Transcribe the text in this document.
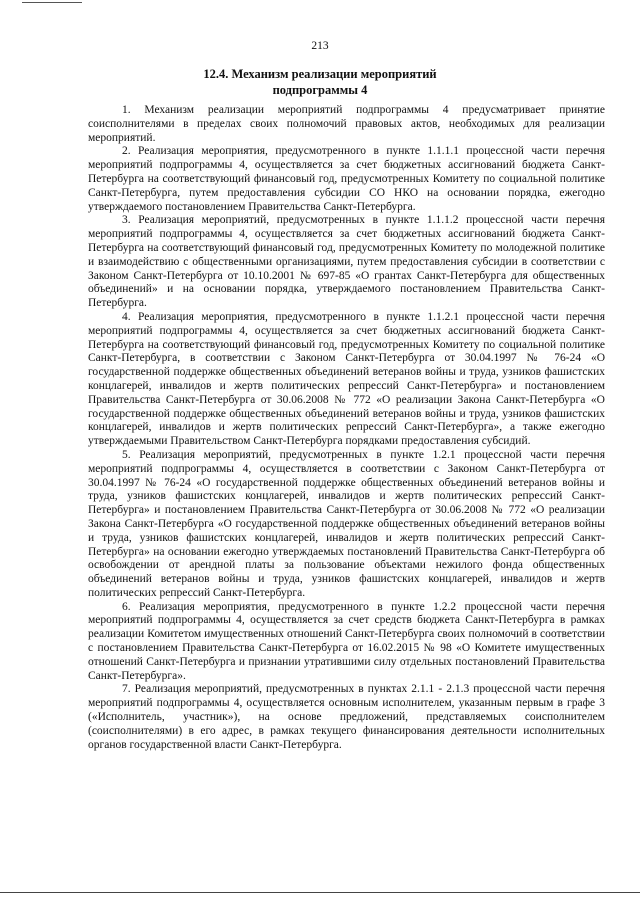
213
12.4. Механизм реализации мероприятий
подпрограммы 4

1. Механизм реализации мероприятий подпрограммы 4 предусматривает принятие соисполнителями в пределах своих полномочий правовых актов, необходимых для реализации мероприятий.

2. Реализация мероприятия, предусмотренного в пункте 1.1.1.1 процессной части перечня мероприятий подпрограммы 4, осуществляется за счет бюджетных ассигнований бюджета Санкт-Петербурга на соответствующий финансовый год, предусмотренных Комитету по социальной политике Санкт-Петербурга, путем предоставления субсидии СО НКО на основании порядка, ежегодно утверждаемого постановлением Правительства Санкт-Петербурга.

3. Реализация мероприятий, предусмотренных в пункте 1.1.1.2 процессной части перечня мероприятий подпрограммы 4, осуществляется за счет бюджетных ассигнований бюджета Санкт-Петербурга на соответствующий финансовый год, предусмотренных Комитету по молодежной политике и взаимодействию с общественными организациями, путем предоставления субсидии в соответствии с Законом Санкт-Петербурга от 10.10.2001 № 697-85 «О грантах Санкт-Петербурга для общественных объединений» и на основании порядка, утверждаемого постановлением Правительства Санкт-Петербурга.

4. Реализация мероприятия, предусмотренного в пункте 1.1.2.1 процессной части перечня мероприятий подпрограммы 4, осуществляется за счет бюджетных ассигнований бюджета Санкт-Петербурга на соответствующий финансовый год, предусмотренных Комитету по социальной политике Санкт-Петербурга, в соответствии с Законом Санкт-Петербурга от 30.04.1997 № 76-24 «О государственной поддержке общественных объединений ветеранов войны и труда, узников фашистских концлагерей, инвалидов и жертв политических репрессий Санкт-Петербурга» и постановлением Правительства Санкт-Петербурга от 30.06.2008 № 772 «О реализации Закона Санкт-Петербурга «О государственной поддержке общественных объединений ветеранов войны и труда, узников фашистских концлагерей, инвалидов и жертв политических репрессий Санкт-Петербурга», а также ежегодно утверждаемыми Правительством Санкт-Петербурга порядками предоставления субсидий.

5. Реализация мероприятий, предусмотренных в пункте 1.2.1 процессной части перечня мероприятий подпрограммы 4, осуществляется в соответствии с Законом Санкт-Петербурга от 30.04.1997 № 76-24 «О государственной поддержке общественных объединений ветеранов войны и труда, узников фашистских концлагерей, инвалидов и жертв политических репрессий Санкт-Петербурга» и постановлением Правительства Санкт-Петербурга от 30.06.2008 № 772 «О реализации Закона Санкт-Петербурга «О государственной поддержке общественных объединений ветеранов войны и труда, узников фашистских концлагерей, инвалидов и жертв политических репрессий Санкт-Петербурга» на основании ежегодно утверждаемых постановлений Правительства Санкт-Петербурга об освобождении от арендной платы за пользование объектами нежилого фонда общественных объединений ветеранов войны и труда, узников фашистских концлагерей, инвалидов и жертв политических репрессий Санкт-Петербурга.

6. Реализация мероприятия, предусмотренного в пункте 1.2.2 процессной части перечня мероприятий подпрограммы 4, осуществляется за счет средств бюджета Санкт-Петербурга в рамках реализации Комитетом имущественных отношений Санкт-Петербурга своих полномочий в соответствии с постановлением Правительства Санкт-Петербурга от 16.02.2015 № 98 «О Комитете имущественных отношений Санкт-Петербурга и признании утратившими силу отдельных постановлений Правительства Санкт-Петербурга».

7. Реализация мероприятий, предусмотренных в пунктах 2.1.1 - 2.1.3 процессной части перечня мероприятий подпрограммы 4, осуществляется основным исполнителем, указанным первым в графе 3 («Исполнитель, участник»), на основе предложений, представляемых соисполнителем (соисполнителями) в его адрес, в рамках текущего финансирования деятельности исполнительных органов государственной власти Санкт-Петербурга.
